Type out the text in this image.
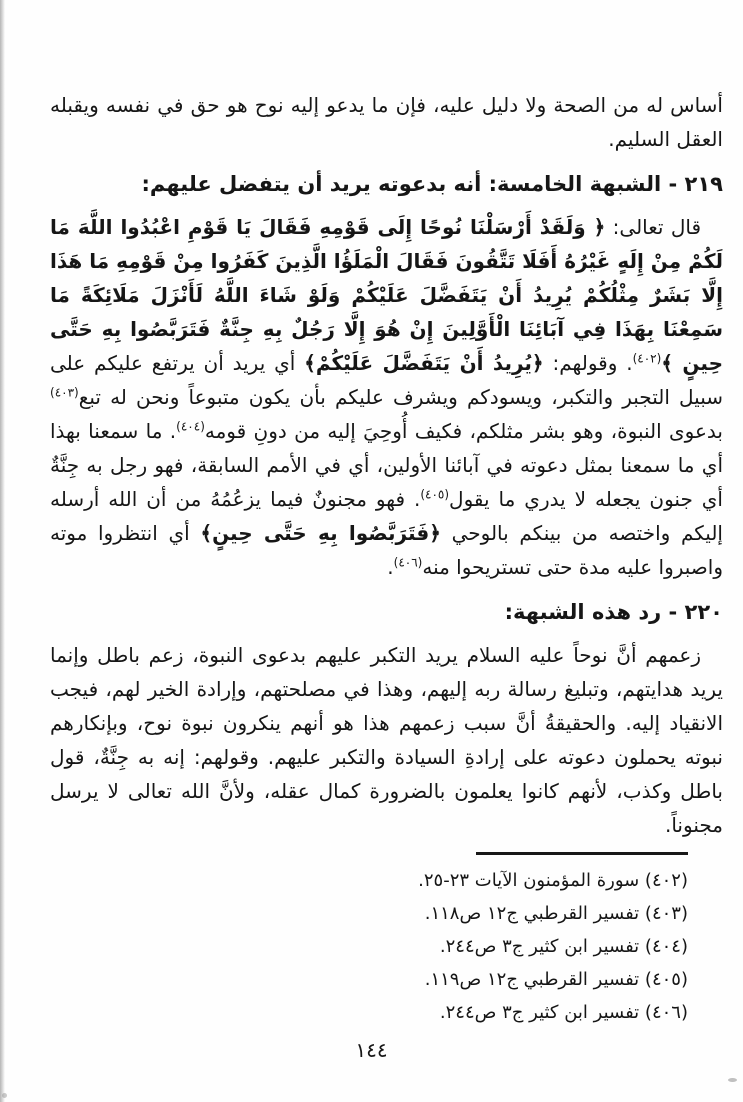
أساس له من الصحة ولا دليل عليه، فإن ما يدعو إليه نوح هو حق في نفسه ويقبله العقل السليم.

٢١٩ - الشبهة الخامسة: أنه بدعوته يريد أن يتفضل عليهم:

قال تعالى: ﴿ وَلَقَدْ أَرْسَلْنَا نُوحًا إِلَى قَوْمِهِ فَقَالَ يَا قَوْمِ اعْبُدُوا اللَّهَ مَا لَكُمْ مِنْ إِلَهٍ غَيْرُهُ أَفَلَا تَتَّقُونَ فَقَالَ الْمَلَؤُا الَّذِينَ كَفَرُوا مِنْ قَوْمِهِ مَا هَذَا إِلَّا بَشَرٌ مِثْلُكُمْ يُرِيدُ أَنْ يَتَفَضَّلَ عَلَيْكُمْ وَلَوْ شَاءَ اللَّهُ لَأَنْزَلَ مَلَائِكَةً مَا سَمِعْنَا بِهَذَا فِي آبَائِنَا الْأَوَّلِينَ إِنْ هُوَ إِلَّا رَجُلٌ بِهِ جِنَّةٌ فَتَرَبَّصُوا بِهِ حَتَّى حِينٍ ﴾$^{(٤٠٢)}$. وقولهم: ﴿يُرِيدُ أَنْ يَتَفَضَّلَ عَلَيْكُمْ﴾ أي يريد أن يرتفع عليكم على سبيل التجبر والتكبر، ويسودكم ويشرف عليكم بأن يكون متبوعاً ونحن له تبع$^{(٤٠٣)}$ بدعوى النبوة، وهو بشر مثلكم، فكيف أُوحِيَ إليه من دونِ قومه$^{(٤٠٤)}$. ما سمعنا بهذا أي ما سمعنا بمثل دعوته في آبائنا الأولين، أي في الأمم السابقة، فهو رجل به جِنَّةٌ أي جنون يجعله لا يدري ما يقول$^{(٤٠٥)}$. فهو مجنونٌ فيما يزعُمُهُ من أن الله أرسله إليكم واختصه من بينكم بالوحي ﴿فَتَرَبَّصُوا بِهِ حَتَّى حِينٍ﴾ أي انتظروا موته واصبروا عليه مدة حتى تستريحوا منه$^{(٤٠٦)}$.

٢٢٠ - رد هذه الشبهة:

زعمهم أنَّ نوحاً عليه السلام يريد التكبر عليهم بدعوى النبوة، زعم باطل وإنما يريد هدايتهم، وتبليغ رسالة ربه إليهم، وهذا في مصلحتهم، وإرادة الخير لهم، فيجب الانقياد إليه. والحقيقةُ أنَّ سبب زعمهم هذا هو أنهم ينكرون نبوة نوح، وبإنكارهم نبوته يحملون دعوته على إرادةِ السيادة والتكبر عليهم. وقولهم: إنه به جِنَّةٌ، قول باطل وكذب، لأنهم كانوا يعلمون بالضرورة كمال عقله، ولأنَّ الله تعالى لا يرسل مجنوناً.

(٤٠٢) سورة المؤمنون الآيات ٢٣-٢٥.
(٤٠٣) تفسير القرطبي ج١٢ ص١١٨.
(٤٠٤) تفسير ابن كثير ج٣ ص٢٤٤.
(٤٠٥) تفسير القرطبي ج١٢ ص١١٩.
(٤٠٦) تفسير ابن كثير ج٣ ص٢٤٤.
١٤٤
